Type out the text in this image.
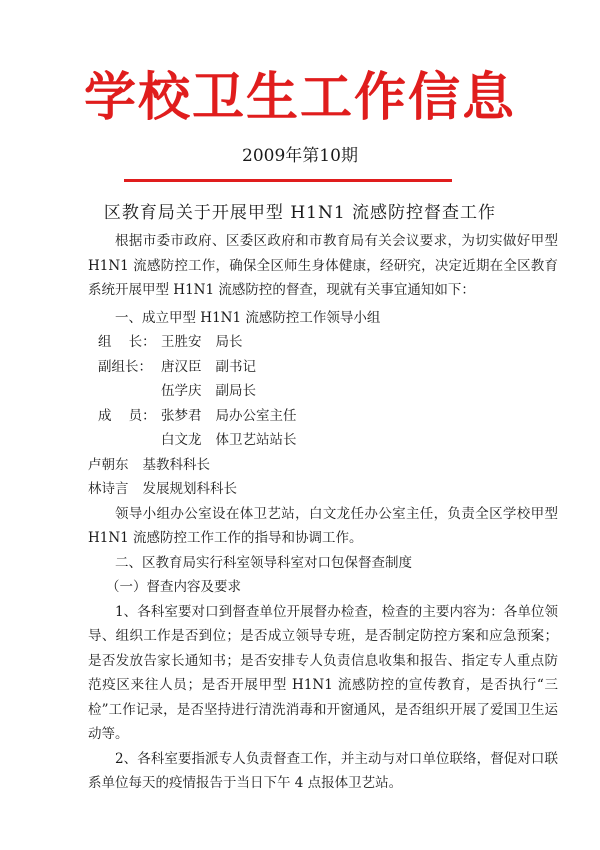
学校卫生工作信息
2009年第10期
区教育局关于开展甲型 H1N1 流感防控督查工作

根据市委市政府、区委区政府和市教育局有关会议要求，为切实做好甲型 H1N1 流感防控工作，确保全区师生身体健康，经研究，决定近期在全区教育系统开展甲型 H1N1 流感防控的督查，现就有关事宜通知如下：

一、成立甲型 H1N1 流感防控工作领导小组

组    长： 王胜安 局长
副组长： 唐汉臣 副书记
伍学庆 副局长
成    员： 张梦君 局办公室主任
白文龙 体卫艺站站长
卢朝东 基教科科长
林诗言 发展规划科科长

领导小组办公室设在体卫艺站，白文龙任办公室主任，负责全区学校甲型 H1N1 流感防控工作工作的指导和协调工作。

二、区教育局实行科室领导科室对口包保督查制度

（一）督查内容及要求

1、各科室要对口到督查单位开展督办检查，检查的主要内容为：各单位领导、组织工作是否到位；是否成立领导专班，是否制定防控方案和应急预案；是否发放告家长通知书；是否安排专人负责信息收集和报告、指定专人重点防范疫区来往人员；是否开展甲型 H1N1 流感防控的宣传教育，是否执行“三检”工作记录，是否坚持进行清洗消毒和开窗通风，是否组织开展了爱国卫生运动等。

2、各科室要指派专人负责督查工作，并主动与对口单位联络，督促对口联系单位每天的疫情报告于当日下午 4 点报体卫艺站。
